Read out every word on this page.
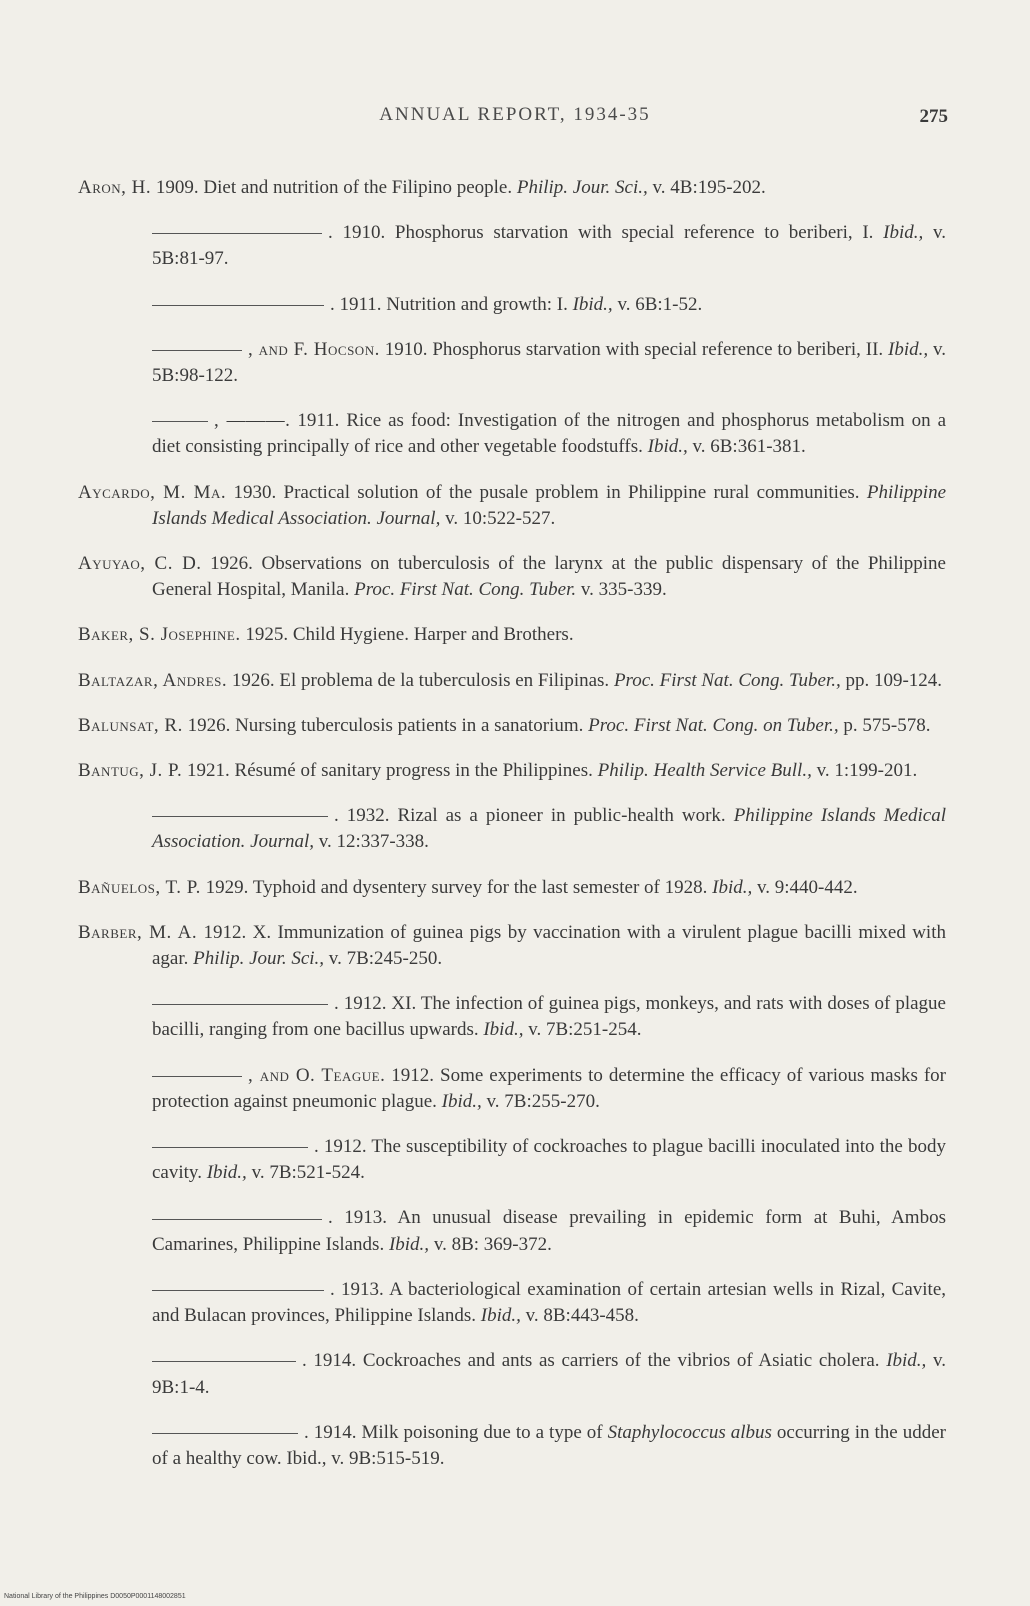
ANNUAL REPORT, 1934-35	275

Aron, H. 1909. Diet and nutrition of the Filipino people. Philip. Jour. Sci., v. 4B:195-202.

. 1910. Phosphorus starvation with special reference to beriberi, I. Ibid., v. 5B:81-97.

. 1911. Nutrition and growth: I. Ibid., v. 6B:1-52.

, and F. Hocson. 1910. Phosphorus starvation with special reference to beriberi, II. Ibid., v. 5B:98-122.

, ———. 1911. Rice as food: Investigation of the nitrogen and phosphorus metabolism on a diet consisting principally of rice and other vegetable foodstuffs. Ibid., v. 6B:361-381.

Aycardo, M. Ma. 1930. Practical solution of the pusale problem in Philippine rural communities. Philippine Islands Medical Association. Journal, v. 10:522-527.

Ayuyao, C. D. 1926. Observations on tuberculosis of the larynx at the public dispensary of the Philippine General Hospital, Manila. Proc. First Nat. Cong. Tuber. v. 335-339.

Baker, S. Josephine. 1925. Child Hygiene. Harper and Brothers.

Baltazar, Andres. 1926. El problema de la tuberculosis en Filipinas. Proc. First Nat. Cong. Tuber., pp. 109-124.

Balunsat, R. 1926. Nursing tuberculosis patients in a sanatorium. Proc. First Nat. Cong. on Tuber., p. 575-578.

Bantug, J. P. 1921. Résumé of sanitary progress in the Philippines. Philip. Health Service Bull., v. 1:199-201.

. 1932. Rizal as a pioneer in public-health work. Philippine Islands Medical Association. Journal, v. 12:337-338.

Bañuelos, T. P. 1929. Typhoid and dysentery survey for the last semester of 1928. Ibid., v. 9:440-442.

Barber, M. A. 1912. X. Immunization of guinea pigs by vaccination with a virulent plague bacilli mixed with agar. Philip. Jour. Sci., v. 7B:245-250.

. 1912. XI. The infection of guinea pigs, monkeys, and rats with doses of plague bacilli, ranging from one bacillus upwards. Ibid., v. 7B:251-254.

, and O. Teague. 1912. Some experiments to determine the efficacy of various masks for protection against pneumonic plague. Ibid., v. 7B:255-270.

. 1912. The susceptibility of cockroaches to plague bacilli inoculated into the body cavity. Ibid., v. 7B:521-524.

. 1913. An unusual disease prevailing in epidemic form at Buhi, Ambos Camarines, Philippine Islands. Ibid., v. 8B: 369-372.

. 1913. A bacteriological examination of certain artesian wells in Rizal, Cavite, and Bulacan provinces, Philippine Islands. Ibid., v. 8B:443-458.

. 1914. Cockroaches and ants as carriers of the vibrios of Asiatic cholera. Ibid., v. 9B:1-4.

. 1914. Milk poisoning due to a type of Staphylococcus albus occurring in the udder of a healthy cow. Ibid., v. 9B:515-519.

National Library of the Philippines D0050P0001148002851
